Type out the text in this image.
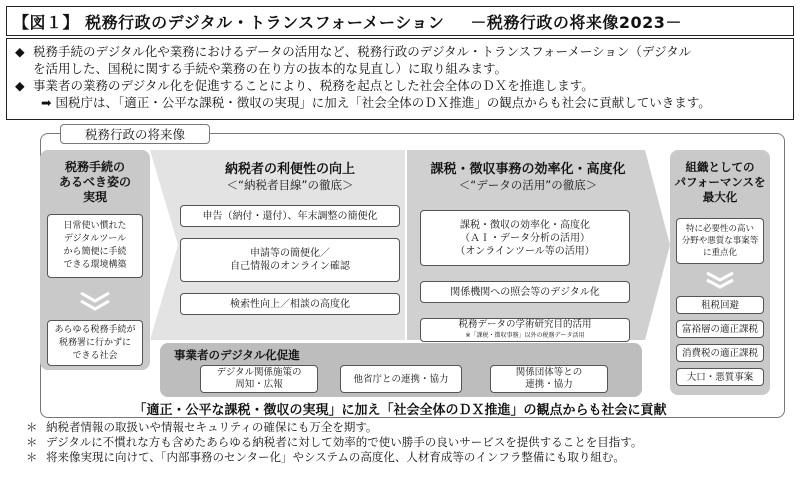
【図１】 税務行政のデジタル・トランスフォーメーション －税務行政の将来像2023－
◆ 税務手続のデジタル化や業務におけるデータの活用など、税務行政のデジタル・トランスフォーメーション（デジタル
を活用した、国税に関する手続や業務の在り方の抜本的な見直し）に取り組みます。
◆ 事業者の業務のデジタル化を促進することにより、税務を起点とした社会全体のＤＸを推進します。
➡ 国税庁は、「適正・公平な課税・徴収の実現」に加え「社会全体のＤＸ推進」の観点からも社会に貢献していきます。
税務行政の将来像
税務手続の
あるべき姿の
実現
日常使い慣れた
デジタルツール
から簡便に手続
できる環境構築
あらゆる税務手続が
税務署に行かずに
できる社会
納税者の利便性の向上
＜“納税者目線”の徹底＞
申告（納付・還付）、年末調整の簡便化
申請等の簡便化／
自己情報のオンライン確認
検索性向上／相談の高度化
課税・徴収事務の効率化・高度化
＜“データの活用”の徹底＞
課税・徴収の効率化・高度化
（ＡＩ・データ分析の活用）
（オンラインツール等の活用）
関係機関への照会等のデジタル化
税務データの学術研究目的活用
※「課税・徴収事務」以外の税務データ活用
組織としての
パフォーマンスを
最大化
特に必要性の高い
分野や悪質な事案等
に重点化
租税回避
富裕層の適正課税
消費税の適正課税
大口・悪質事案
事業者のデジタル化促進
デジタル関係施策の
周知・広報	他省庁との連携・協力
関係団体等との
連携・協力
「適正・公平な課税・徴収の実現」に加え「社会全体のＤＸ推進」の観点からも社会に貢献
＊ 納税者情報の取扱いや情報セキュリティの確保にも万全を期す。
＊ デジタルに不慣れな方も含めたあらゆる納税者に対して効率的で使い勝手の良いサービスを提供することを目指す。
＊ 将来像実現に向けて、「内部事務のセンター化」やシステムの高度化、人材育成等のインフラ整備にも取り組む。
